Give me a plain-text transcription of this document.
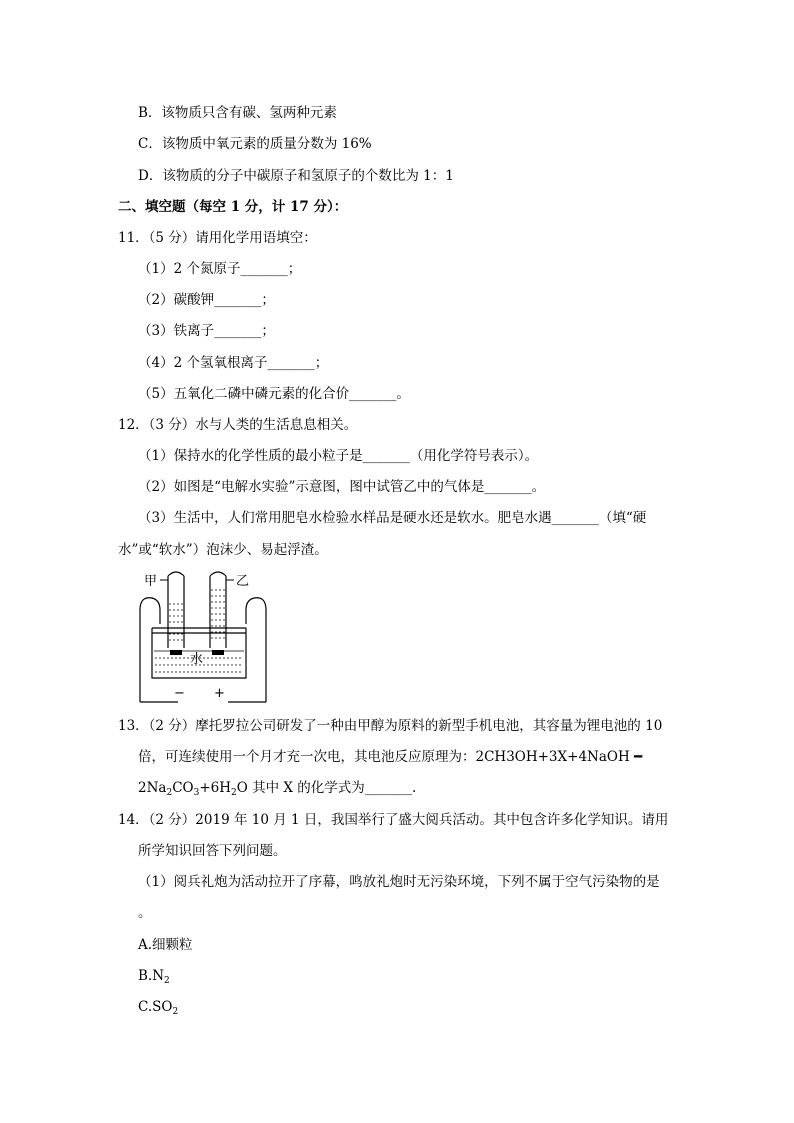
B．该物质只含有碳、氢两种元素
C．该物质中氧元素的质量分数为 16%
D．该物质的分子中碳原子和氢原子的个数比为 1：1
二、填空题（每空 1 分，计 17 分）：
11．（5 分）请用化学用语填空：
（1）2 个氮原子_______；
（2）碳酸钾_______；
（3）铁离子_______；
（4）2 个氢氧根离子_______；
（5）五氧化二磷中磷元素的化合价_______。
12．（3 分）水与人类的生活息息相关。
（1）保持水的化学性质的最小粒子是_______（用化学符号表示）。
（2）如图是“电解水实验”示意图，图中试管乙中的气体是_______。
（3）生活中，人们常用肥皂水检验水样品是硬水还是软水。肥皂水遇_______（填“硬
水”或“软水”）泡沫少、易起浮渣。
甲	乙
水
− +
13．（2 分）摩托罗拉公司研发了一种由甲醇为原料的新型手机电池，其容量为锂电池的 10
倍，可连续使用一个月才充一次电，其电池反应原理为：2CH3OH+3X+4NaOH ━
$2Na_2CO_3+6H_2O$ 其中 X 的化学式为_______.
14．（2 分）2019 年 10 月 1 日，我国举行了盛大阅兵活动。其中包含许多化学知识。请用
所学知识回答下列问题。
（1）阅兵礼炮为活动拉开了序幕，鸣放礼炮时无污染环境，下列不属于空气污染物的是
。
A.细颗粒
$B.N_2$
$C.SO_2$
